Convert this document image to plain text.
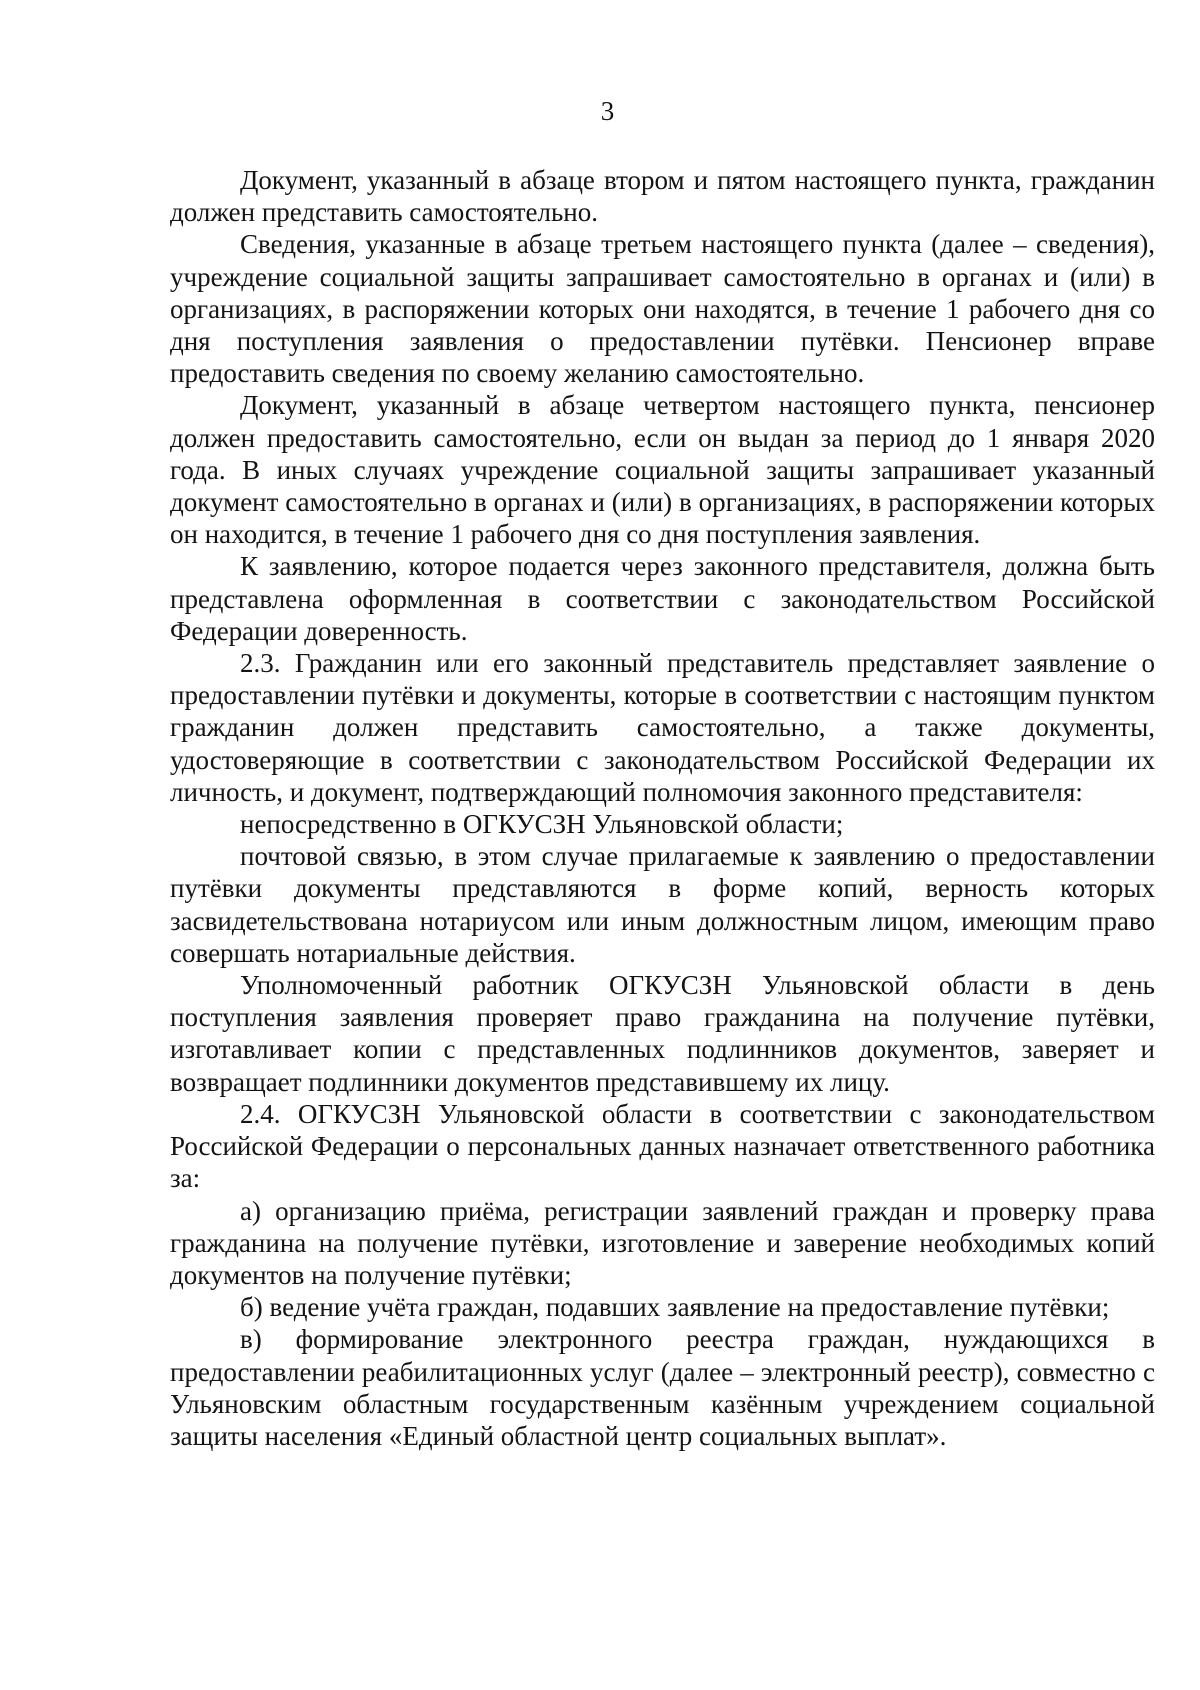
3

Документ, указанный в абзаце втором и пятом настоящего пункта, гражданин должен представить самостоятельно.

Сведения, указанные в абзаце третьем настоящего пункта (далее – сведения), учреждение социальной защиты запрашивает самостоятельно в органах и (или) в организациях, в распоряжении которых они находятся, в течение 1 рабочего дня со дня поступления заявления о предоставлении путёвки. Пенсионер вправе предоставить сведения по своему желанию самостоятельно.

Документ, указанный в абзаце четвертом настоящего пункта, пенсионер должен предоставить самостоятельно, если он выдан за период до 1 января 2020 года. В иных случаях учреждение социальной защиты запрашивает указанный документ самостоятельно в органах и (или) в организациях, в распоряжении которых он находится, в течение 1 рабочего дня со дня поступления заявления.

К заявлению, которое подается через законного представителя, должна быть представлена оформленная в соответствии с законодательством Российской Федерации доверенность.

2.3. Гражданин или его законный представитель представляет заявление о предоставлении путёвки и документы, которые в соответствии с настоящим пунктом гражданин должен представить самостоятельно, а также документы, удостоверяющие в соответствии с законодательством Российской Федерации их личность, и документ, подтверждающий полномочия законного представителя:

непосредственно в ОГКУСЗН Ульяновской области;

почтовой связью, в этом случае прилагаемые к заявлению о предоставлении путёвки документы представляются в форме копий, верность которых засвидетельствована нотариусом или иным должностным лицом, имеющим право совершать нотариальные действия.

Уполномоченный работник ОГКУСЗН Ульяновской области в день поступления заявления проверяет право гражданина на получение путёвки, изготавливает копии с представленных подлинников документов, заверяет и возвращает подлинники документов представившему их лицу.

2.4. ОГКУСЗН Ульяновской области в соответствии с законодательством Российской Федерации о персональных данных назначает ответственного работника за:

а) организацию приёма, регистрации заявлений граждан и проверку права гражданина на получение путёвки, изготовление и заверение необходимых копий документов на получение путёвки;

б) ведение учёта граждан, подавших заявление на предоставление путёвки;

в) формирование электронного реестра граждан, нуждающихся в предоставлении реабилитационных услуг (далее – электронный реестр), совместно с Ульяновским областным государственным казённым учреждением социальной защиты населения «Единый областной центр социальных выплат».
